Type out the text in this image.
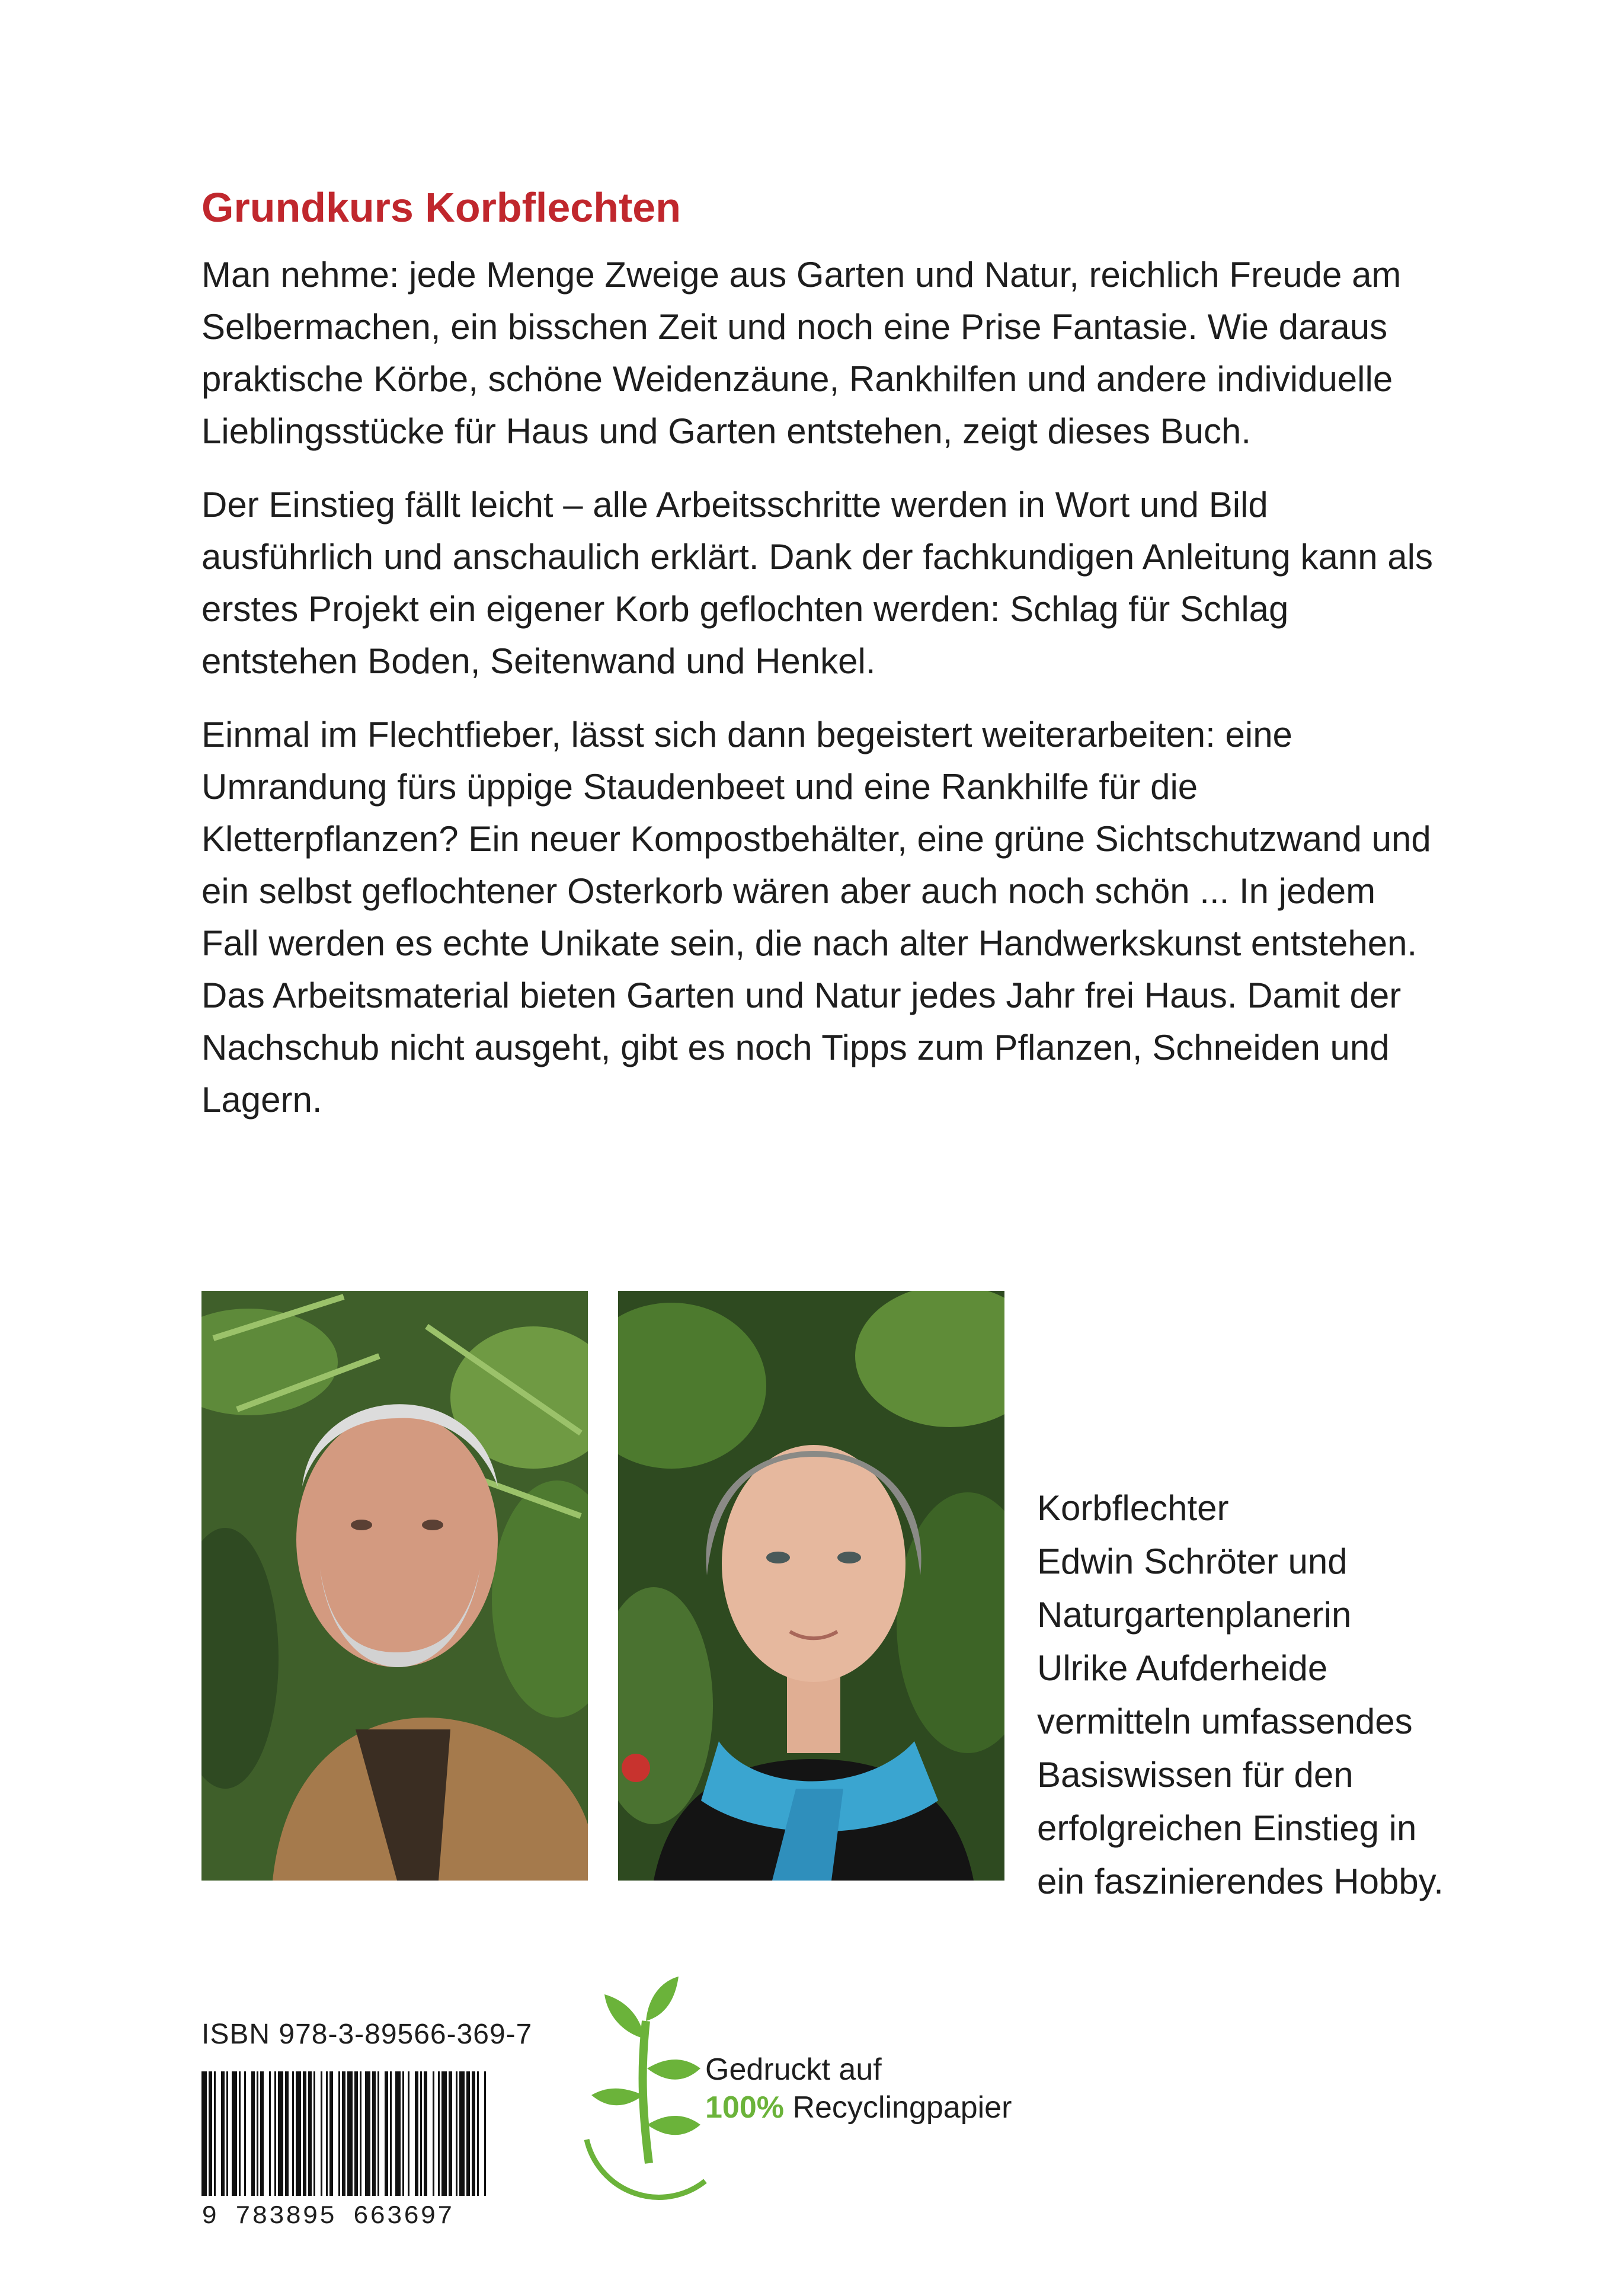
Grundkurs Korbflechten

Man nehme: jede Menge Zweige aus Garten und Natur, reichlich Freude am Selbermachen, ein bisschen Zeit und noch eine Prise Fantasie. Wie daraus praktische Körbe, schöne Weidenzäune, Rankhilfen und andere individuelle Lieblingsstücke für Haus und Garten entstehen, zeigt dieses Buch.

Der Einstieg fällt leicht – alle Arbeitsschritte werden in Wort und Bild ausführlich und anschaulich erklärt. Dank der fachkundigen Anleitung kann als erstes Projekt ein eigener Korb geflochten werden: Schlag für Schlag entstehen Boden, Seitenwand und Henkel.

Einmal im Flechtfieber, lässt sich dann begeistert weiterarbeiten: eine Umrandung fürs üppige Staudenbeet und eine Rankhilfe für die Kletterpflanzen? Ein neuer Kompostbehälter, eine grüne Sichtschutzwand und ein selbst geflochtener Osterkorb wären aber auch noch schön ... In jedem Fall werden es echte Unikate sein, die nach alter Handwerkskunst entstehen. Das Arbeitsmaterial bieten Garten und Natur jedes Jahr frei Haus. Damit der Nachschub nicht ausgeht, gibt es noch Tipps zum Pflanzen, Schneiden und Lagern.

Korbflechter
Edwin Schröter und
Naturgartenplanerin
Ulrike Aufderheide
vermitteln umfassendes
Basiswissen für den
erfolgreichen Einstieg in
ein faszinierendes Hobby.

ISBN 978-3-89566-369-7

9 783895 663697

Gedruckt auf
100% Recyclingpapier
